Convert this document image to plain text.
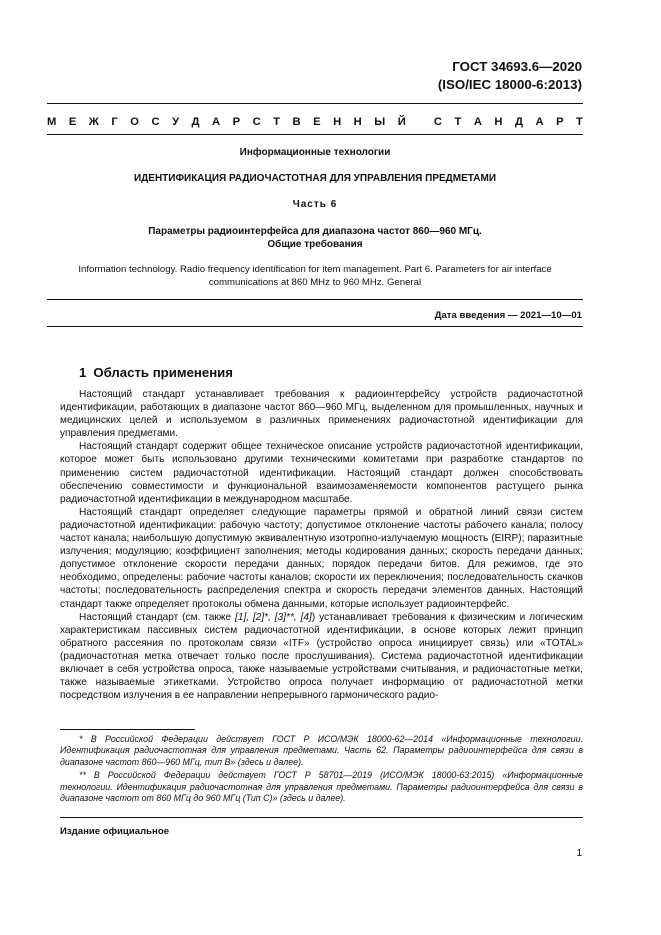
ГОСТ 34693.6—2020
(ISO/IEC 18000-6:2013)
М Е Ж Г О С У Д А Р С Т В Е Н Н Ы Й
	С Т А Н Д А Р Т
Информационные технологии
ИДЕНТИФИКАЦИЯ РАДИОЧАСТОТНАЯ ДЛЯ УПРАВЛЕНИЯ ПРЕДМЕТАМИ
Часть 6
Параметры радиоинтерфейса для диапазона частот 860—960 МГц.
Общие требования
Information technology. Radio frequency identification for item management. Part 6. Parameters for air interface
communications at 860 MHz to 960 MHz. General
Дата введения — 2021—10—01
1 Область применения

Настоящий стандарт устанавливает требования к радиоинтерфейсу устройств радиочастотной идентификации, работающих в диапазоне частот 860—960 МГц, выделенном для промышленных, научных и медицинских целей и используемом в различных применениях радиочастотной идентификации для управления предметами.

Настоящий стандарт содержит общее техническое описание устройств радиочастотной идентификации, которое может быть использовано другими техническими комитетами при разработке стандартов по применению систем радиочастотной идентификации. Настоящий стандарт должен способствовать обеспечению совместимости и функциональной взаимозаменяемости компонентов растущего рынка радиочастотной идентификации в международном масштабе.

Настоящий стандарт определяет следующие параметры прямой и обратной линий связи систем радиочастотной идентификации: рабочую частоту; допустимое отклонение частоты рабочего канала; полосу частот канала; наибольшую допустимую эквивалентную изотропно-излучаемую мощность (EIRP); паразитные излучения; модуляцию; коэффициент заполнения; методы кодирования данных; скорость передачи данных; допустимое отклонение скорости передачи данных; порядок передачи битов. Для режимов, где это необходимо, определены: рабочие частоты каналов; скорости их переключения; последовательность скачков частоты; последовательность распределения спектра и скорость передачи элементов данных. Настоящий стандарт также определяет протоколы обмена данными, которые использует радиоинтерфейс.

Настоящий стандарт (см. также [1], [2]*, [3]**, [4]) устанавливает требования к физическим и логическим характеристикам пассивных систем радиочастотной идентификации, в основе которых лежит принцип обратного рассеяния по протоколам связи «ITF» (устройство опроса инициирует связь) или «TOTAL» (радиочастотная метка отвечает только после прослушивания). Система радиочастотной идентификации включает в себя устройства опроса, также называемые устройствами считывания, и радиочастотные метки, также называемые этикетками. Устройство опроса получает информацию от радиочастотной метки посредством излучения в ее направлении непрерывного гармонического радио-

* В Российской Федерации действует ГОСТ Р ИСО/МЭК 18000-62—2014 «Информационные технологии. Идентификация радиочастотная для управления предметами. Часть 62. Параметры радиоинтерфейса для связи в диапазоне частот 860—960 МГц, тип В» (здесь и далее).

** В Российской Федерации действует ГОСТ Р 58701—2019 (ИСО/МЭК 18000-63:2015) «Информационные технологии. Идентификация радиочастотная для управления предметами. Параметры радиоинтерфейса для связи в диапазоне частот от 860 МГц до 960 МГц (Тип С)» (здесь и далее).

Издание официальное
1
